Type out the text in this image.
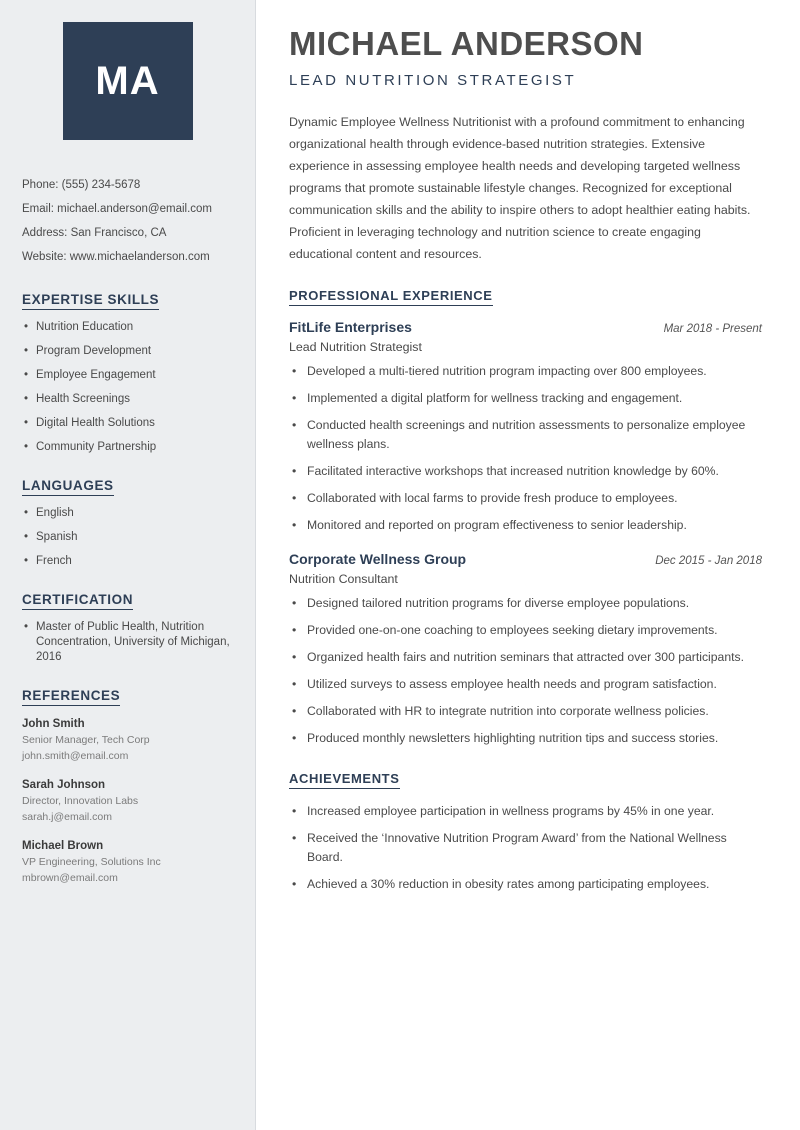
MA
Phone: (555) 234-5678
Email: michael.anderson@email.com
Address: San Francisco, CA
Website: www.michaelanderson.com
EXPERTISE SKILLS
• Nutrition Education
• Program Development
• Employee Engagement
• Health Screenings
• Digital Health Solutions
• Community Partnership
LANGUAGES
• English
• Spanish
• French
CERTIFICATION
• Master of Public Health, Nutrition Concentration, University of Michigan, 2016
REFERENCES
John Smith
Senior Manager, Tech Corp
john.smith@email.com
Sarah Johnson
Director, Innovation Labs
sarah.j@email.com
Michael Brown
VP Engineering, Solutions Inc
mbrown@email.com
MICHAEL ANDERSON
LEAD NUTRITION STRATEGIST

Dynamic Employee Wellness Nutritionist with a profound commitment to enhancing organizational health through evidence-based nutrition strategies. Extensive experience in assessing employee health needs and developing targeted wellness programs that promote sustainable lifestyle changes. Recognized for exceptional communication skills and the ability to inspire others to adopt healthier eating habits. Proficient in leveraging technology and nutrition science to create engaging educational content and resources.

PROFESSIONAL EXPERIENCE
FitLife Enterprises	Mar 2018 - Present
Lead Nutrition Strategist
• Developed a multi-tiered nutrition program impacting over 800 employees.
• Implemented a digital platform for wellness tracking and engagement.
• Conducted health screenings and nutrition assessments to personalize employee wellness plans.
• Facilitated interactive workshops that increased nutrition knowledge by 60%.
• Collaborated with local farms to provide fresh produce to employees.
• Monitored and reported on program effectiveness to senior leadership.
Corporate Wellness Group	Dec 2015 - Jan 2018
Nutrition Consultant
• Designed tailored nutrition programs for diverse employee populations.
• Provided one-on-one coaching to employees seeking dietary improvements.
• Organized health fairs and nutrition seminars that attracted over 300 participants.
• Utilized surveys to assess employee health needs and program satisfaction.
• Collaborated with HR to integrate nutrition into corporate wellness policies.
• Produced monthly newsletters highlighting nutrition tips and success stories.
ACHIEVEMENTS
• Increased employee participation in wellness programs by 45% in one year.
• Received the ‘Innovative Nutrition Program Award’ from the National Wellness Board.
• Achieved a 30% reduction in obesity rates among participating employees.
